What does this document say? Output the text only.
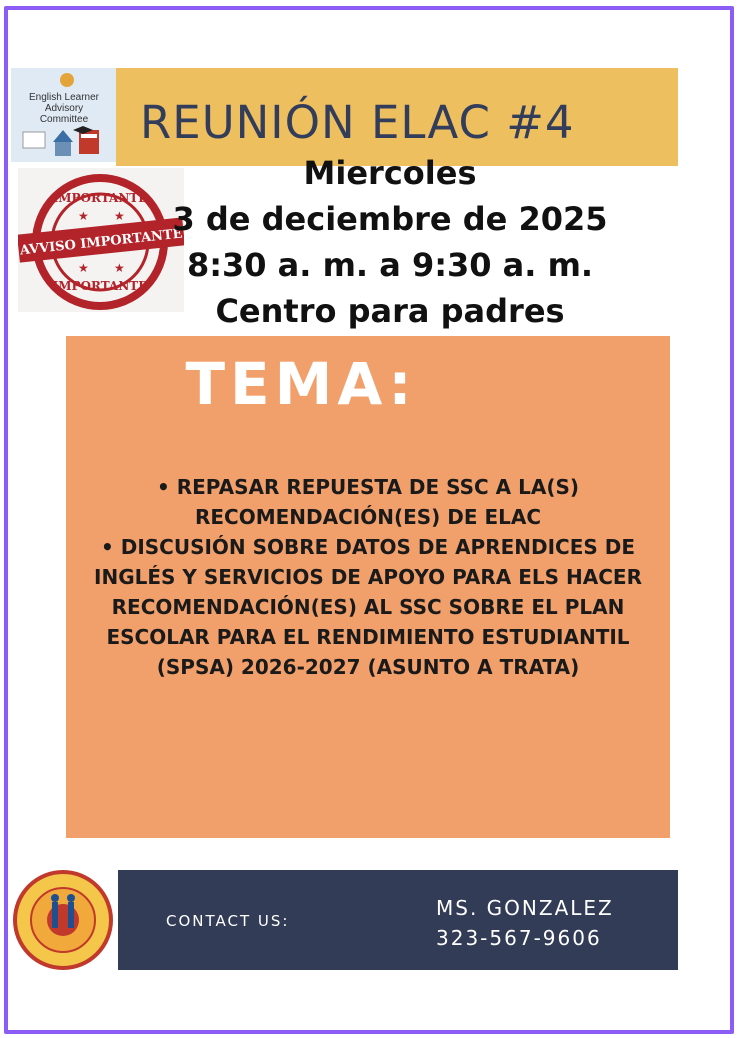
English Learner
Advisory
Committee REUNIÓN ELAC #4
IMPORTANTE
AVVISO IMPORTANTE
IMPORTANTE
★ ★
★ ★
Miercoles
3 de deciembre de 2025
8:30 a. m. a 9:30 a. m.
Centro para padres
TEMA:
• REPASAR REPUESTA DE SSC A LA(S) RECOMENDACIÓN(ES) DE ELAC
• DISCUSIÓN SOBRE DATOS DE APRENDICES DE INGLÉS Y SERVICIOS DE APOYO PARA ELS HACER RECOMENDACIÓN(ES) AL SSC SOBRE EL PLAN ESCOLAR PARA EL RENDIMIENTO ESTUDIANTIL (SPSA) 2026-2027 (ASUNTO A TRATA)
CONTACT US:
MS. GONZALEZ
323-567-9606
